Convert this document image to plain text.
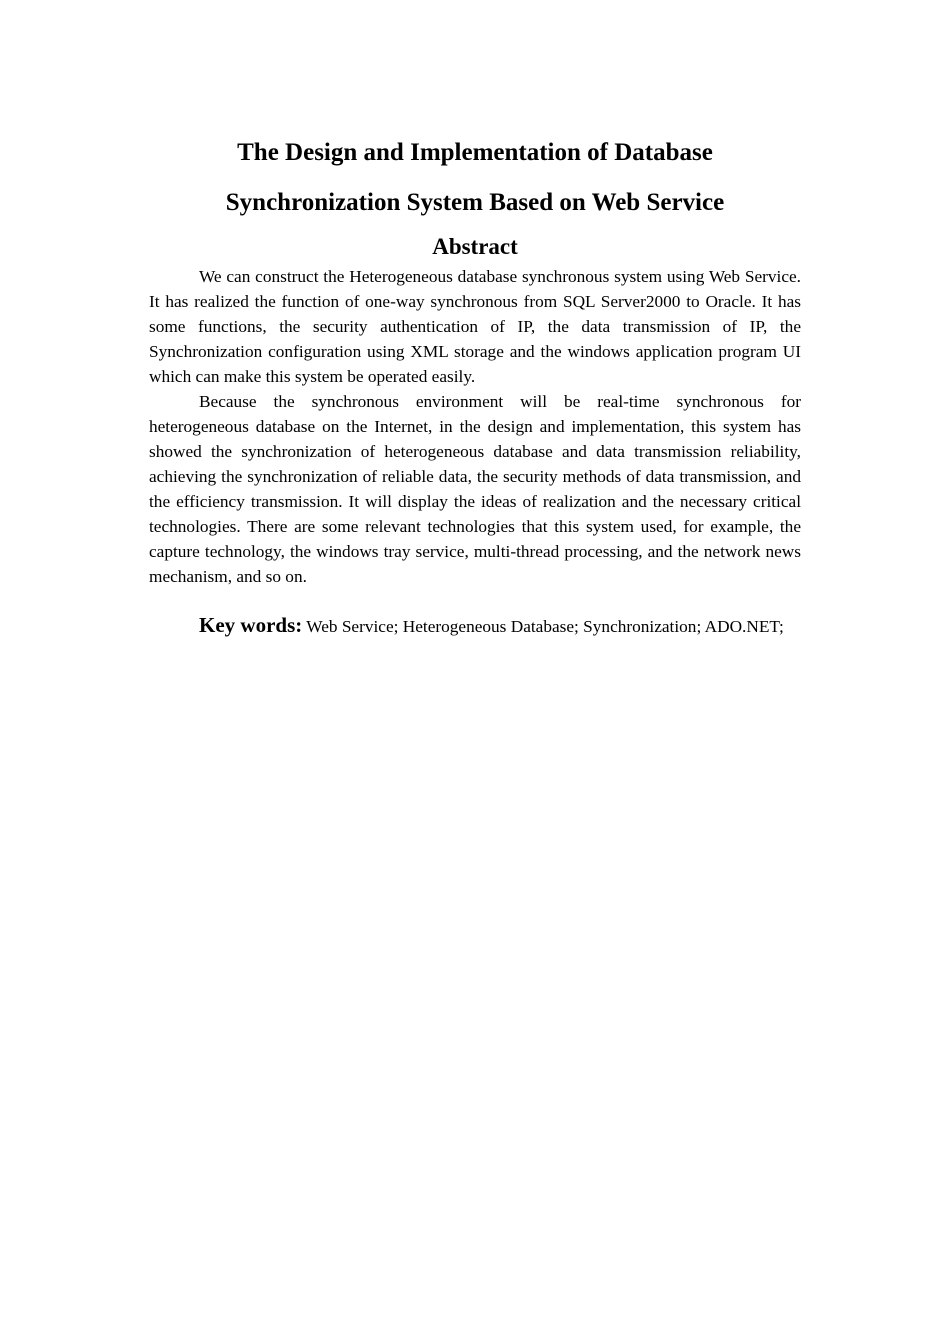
The Design and Implementation of Database
Synchronization System Based on Web Service
Abstract

We can construct the Heterogeneous database synchronous system using Web Service. It has realized the function of one-way synchronous from SQL Server2000 to Oracle. It has some functions, the security authentication of IP, the data transmission of IP, the Synchronization configuration using XML storage and the windows application program UI which can make this system be operated easily.

Because the synchronous environment will be real-time synchronous for heterogeneous database on the Internet, in the design and implementation, this system has showed the synchronization of heterogeneous database and data transmission reliability, achieving the synchronization of reliable data, the security methods of data transmission, and the efficiency transmission. It will display the ideas of realization and the necessary critical technologies. There are some relevant technologies that this system used, for example, the capture technology, the windows tray service, multi-thread processing, and the network news mechanism, and so on.

Key words: Web Service; Heterogeneous Database; Synchronization; ADO.NET;
